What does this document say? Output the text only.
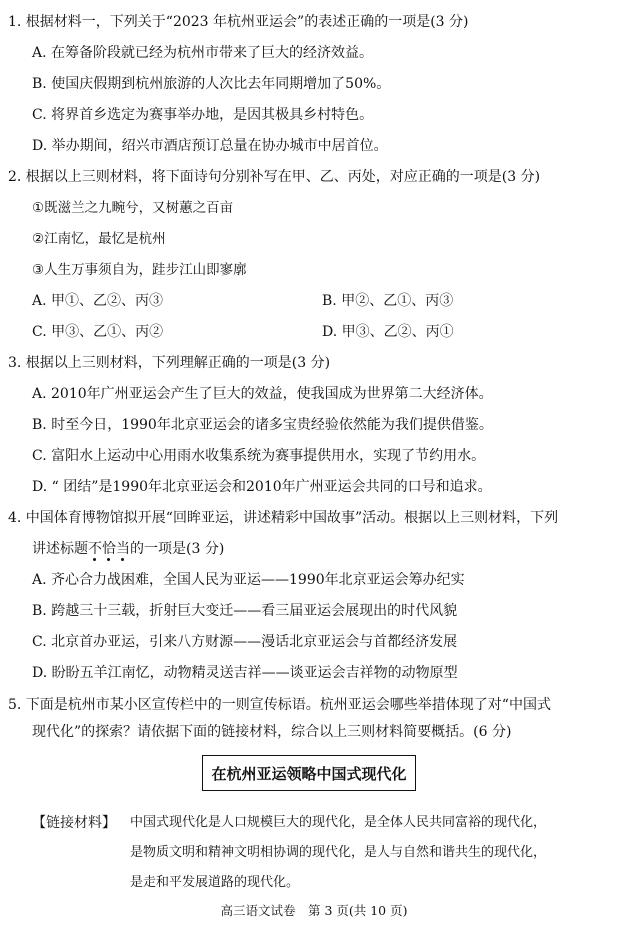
1. 根据材料一，下列关于“2023 年杭州亚运会”的表述正确的一项是(3 分)
A. 在筹备阶段就已经为杭州市带来了巨大的经济效益。
B. 使国庆假期到杭州旅游的人次比去年同期增加了50%。
C. 将界首乡选定为赛事举办地，是因其极具乡村特色。
D. 举办期间，绍兴市酒店预订总量在协办城市中居首位。
2. 根据以上三则材料，将下面诗句分别补写在甲、乙、丙处，对应正确的一项是(3 分)
①既滋兰之九畹兮，又树蕙之百亩
②江南忆，最忆是杭州
③人生万事须自为，跬步江山即寥廓
A. 甲①、乙②、丙③	B. 甲②、乙①、丙③
C. 甲③、乙①、丙②	D. 甲③、乙②、丙①
3. 根据以上三则材料，下列理解正确的一项是(3 分)
A. 2010年广州亚运会产生了巨大的效益，使我国成为世界第二大经济体。
B. 时至今日，1990年北京亚运会的诸多宝贵经验依然能为我们提供借鉴。
C. 富阳水上运动中心用雨水收集系统为赛事提供用水，实现了节约用水。
D. “ 团结”是1990年北京亚运会和2010年广州亚运会共同的口号和追求。
4. 中国体育博物馆拟开展“回眸亚运，讲述精彩中国故事”活动。根据以上三则材料，下列
讲述标题不恰当
的一项是(3 分)
A. 齐心合力战困难，全国人民为亚运——1990年北京亚运会筹办纪实
B. 跨越三十三载，折射巨大变迁——看三届亚运会展现出的时代风貌
C. 北京首办亚运，引来八方财源——漫话北京亚运会与首都经济发展
D. 盼盼五羊江南忆，动物精灵送吉祥——谈亚运会吉祥物的动物原型
5. 下面是杭州市某小区宣传栏中的一则宣传标语。杭州亚运会哪些举措体现了对“中国式
现代化”的探索？请依据下面的链接材料，综合以上三则材料简要概括。(6 分)
在杭州亚运领略中国式现代化
【链接材料】 中国式现代化是人口规模巨大的现代化，是全体人民共同富裕的现代化，
是物质文明和精神文明相协调的现代化，是人与自然和谐共生的现代化，
是走和平发展道路的现代化。
高三语文试卷　第 3 页(共 10 页)
